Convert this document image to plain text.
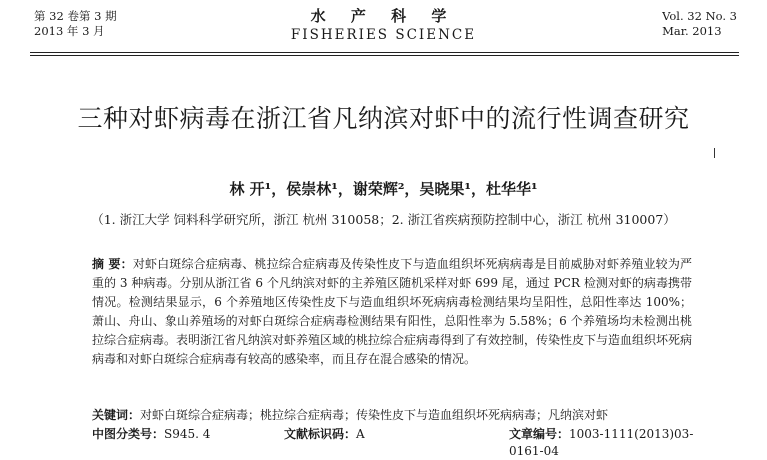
第 32 卷第 3 期
2013 年 3 月
水 产 科 学
FISHERIES SCIENCE
Vol. 32 No. 3
Mar. 2013
三种对虾病毒在浙江省凡纳滨对虾中的流行性调查研究
林 开¹，侯崇林¹，谢荣辉²，吴晓果¹，杜华华¹
（1. 浙江大学 饲料科学研究所，浙江 杭州 310058；2. 浙江省疾病预防控制中心，浙江 杭州 310007）
摘 要：对虾白斑综合症病毒、桃拉综合症病毒及传染性皮下与造血组织坏死病病毒是目前威胁对虾养殖业较为严重的 3 种病毒。分别从浙江省 6 个凡纳滨对虾的主养殖区随机采样对虾 699 尾，通过 PCR 检测对虾的病毒携带情况。检测结果显示，6 个养殖地区传染性皮下与造血组织坏死病病毒检测结果均呈阳性，总阳性率达 100%；萧山、舟山、象山养殖场的对虾白斑综合症病毒检测结果有阳性，总阳性率为 5.58%；6 个养殖场均未检测出桃拉综合症病毒。表明浙江省凡纳滨对虾养殖区域的桃拉综合症病毒得到了有效控制，传染性皮下与造血组织坏死病病毒和对虾白斑综合症病毒有较高的感染率，而且存在混合感染的情况。
关键词：对虾白斑综合症病毒；桃拉综合症病毒；传染性皮下与造血组织坏死病病毒；凡纳滨对虾
中图分类号：S945. 4	文献标识码：A	文章编号：1003-1111(2013)03-0161-04
